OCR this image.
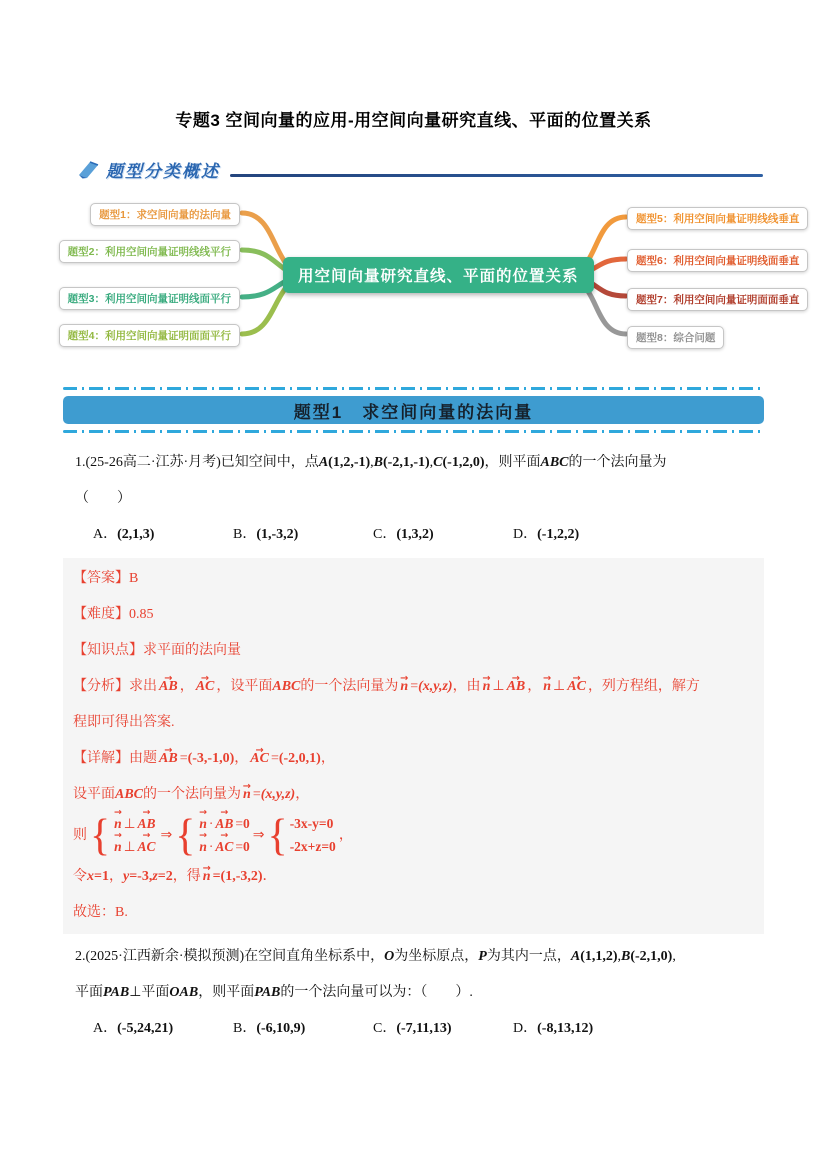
专题3 空间向量的应用-用空间向量研究直线、平面的位置关系
题型分类概述
用空间向量研究直线、平面的位置关系
题型1：求空间向量的法向量
题型2：利用空间向量证明线线平行
题型3：利用空间向量证明线面平行
题型4：利用空间向量证明面面平行
题型5：利用空间向量证明线线垂直
题型6：利用空间向量证明线面垂直
题型7：利用空间向量证明面面垂直
题型8：综合问题
题型1　求空间向量的法向量
1.(25-26高二·江苏·月考)已知空间中，点A(1,2,-1),B(-2,1,-1),C(-1,2,0)，则平面ABC的一个法向量为
（　　）
A．(2,1,3)	B．(1,-3,2)	C．(1,3,2)	D．(-1,2,2)
【答案】B
【难度】0.85
【知识点】求平面的法向量
【分析】求出 AB → ， AC → ，设平面ABC的一个法向量为 n → =(x,y,z)，由 n → ⊥ AB → ， n → ⊥ AC → ，列方程组，解方
程即可得出答案.
【详解】由题 AB → =(-3,-1,0)， AC → =(-2,0,1)，
设平面ABC的一个法向量为 n → =(x,y,z)，
则 { n → ⊥ AB →
n → ⊥ AC →
⇒ { n → · AB → =0
n → · AC → =0
⇒ { -3x-y=0
-2x+z=0
，
令x=1，y=-3,z=2，得 n → =(1,-3,2)．
故选：B.
2.(2025·江西新余·模拟预测)在空间直角坐标系中，O为坐标原点，P为其内一点，A(1,1,2),B(-2,1,0),
平面PAB⊥平面OAB，则平面PAB的一个法向量可以为：（　　）.
A．(-5,24,21)	B．(-6,10,9)	C．(-7,11,13)	D．(-8,13,12)
